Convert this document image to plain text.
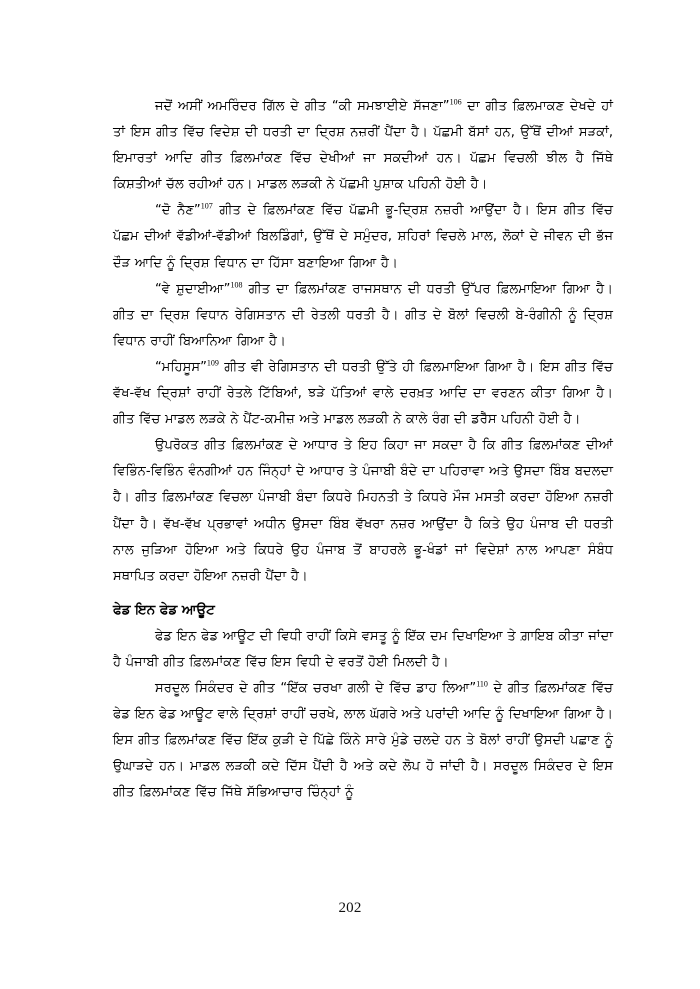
ਜਦੋਂ ਅਸੀਂ ਅਮਰਿੰਦਰ ਗਿੱਲ ਦੇ ਗੀਤ “ਕੀ ਸਮਝਾਈਏ ਸੱਜਣਾ”$^{106}$ ਦਾ ਗੀਤ ਫ਼ਿਲਮਾਕਣ ਦੇਖਦੇ ਹਾਂ ਤਾਂ ਇਸ ਗੀਤ ਵਿੱਚ ਵਿਦੇਸ਼ ਦੀ ਧਰਤੀ ਦਾ ਦ੍ਰਿਸ਼ ਨਜ਼ਰੀਂ ਪੈਂਦਾ ਹੈ। ਪੱਛਮੀ ਬੱਸਾਂ ਹਨ, ਉੱਥੋਂ ਦੀਆਂ ਸੜਕਾਂ, ਇਮਾਰਤਾਂ ਆਦਿ ਗੀਤ ਫ਼ਿਲਮਾਂਕਣ ਵਿੱਚ ਦੇਖੀਆਂ ਜਾ ਸਕਦੀਆਂ ਹਨ। ਪੱਛਮ ਵਿਚਲੀ ਝੀਲ ਹੈ ਜਿੱਥੇ ਕਿਸ਼ਤੀਆਂ ਚੱਲ ਰਹੀਆਂ ਹਨ। ਮਾਡਲ ਲੜਕੀ ਨੇ ਪੱਛਮੀ ਪੁਸ਼ਾਕ ਪਹਿਨੀ ਹੋਈ ਹੈ।

“ਦੋ ਨੈਣ”$^{107}$ ਗੀਤ ਦੇ ਫ਼ਿਲਮਾਂਕਣ ਵਿੱਚ ਪੱਛਮੀ ਭੂ-ਦ੍ਰਿਸ਼ ਨਜ਼ਰੀ ਆਉਂਦਾ ਹੈ। ਇਸ ਗੀਤ ਵਿੱਚ ਪੱਛਮ ਦੀਆਂ ਵੱਡੀਆਂ-ਵੱਡੀਆਂ ਬਿਲਡਿੰਗਾਂ, ਉੱਥੋਂ ਦੇ ਸਮੁੰਦਰ, ਸ਼ਹਿਰਾਂ ਵਿਚਲੇ ਮਾਲ, ਲੋਕਾਂ ਦੇ ਜੀਵਨ ਦੀ ਭੱਜ ਦੌੜ ਆਦਿ ਨੂੰ ਦ੍ਰਿਸ਼ ਵਿਧਾਨ ਦਾ ਹਿੱਸਾ ਬਣਾਇਆ ਗਿਆ ਹੈ।

“ਵੇ ਸ਼ੁਦਾਈਆ”$^{108}$ ਗੀਤ ਦਾ ਫ਼ਿਲਮਾਂਕਣ ਰਾਜਸਥਾਨ ਦੀ ਧਰਤੀ ਉੱਪਰ ਫ਼ਿਲਮਾਇਆ ਗਿਆ ਹੈ। ਗੀਤ ਦਾ ਦ੍ਰਿਸ਼ ਵਿਧਾਨ ਰੇਗਿਸਤਾਨ ਦੀ ਰੇਤਲੀ ਧਰਤੀ ਹੈ। ਗੀਤ ਦੇ ਬੋਲਾਂ ਵਿਚਲੀ ਬੇ-ਰੰਗੀਨੀ ਨੂੰ ਦ੍ਰਿਸ਼ ਵਿਧਾਨ ਰਾਹੀਂ ਬਿਆਨਿਆ ਗਿਆ ਹੈ।

“ਮਹਿਸੂਸ”$^{109}$ ਗੀਤ ਵੀ ਰੇਗਿਸਤਾਨ ਦੀ ਧਰਤੀ ਉੱਤੇ ਹੀ ਫ਼ਿਲਮਾਇਆ ਗਿਆ ਹੈ। ਇਸ ਗੀਤ ਵਿੱਚ ਵੱਖ-ਵੱਖ ਦ੍ਰਿਸ਼ਾਂ ਰਾਹੀਂ ਰੇਤਲੇ ਟਿੱਬਿਆਂ, ਝੜੇ ਪੱਤਿਆਂ ਵਾਲੇ ਦਰਖ਼ਤ ਆਦਿ ਦਾ ਵਰਣਨ ਕੀਤਾ ਗਿਆ ਹੈ। ਗੀਤ ਵਿੱਚ ਮਾਡਲ ਲੜਕੇ ਨੇ ਪੈਂਟ-ਕਮੀਜ਼ ਅਤੇ ਮਾਡਲ ਲੜਕੀ ਨੇ ਕਾਲੇ ਰੰਗ ਦੀ ਡਰੈੱਸ ਪਹਿਨੀ ਹੋਈ ਹੈ।

ਉਪਰੋਕਤ ਗੀਤ ਫ਼ਿਲਮਾਂਕਣ ਦੇ ਆਧਾਰ ਤੇ ਇਹ ਕਿਹਾ ਜਾ ਸਕਦਾ ਹੈ ਕਿ ਗੀਤ ਫ਼ਿਲਮਾਂਕਣ ਦੀਆਂ ਵਿਭਿੰਨ-ਵਿਭਿੰਨ ਵੰਨਗੀਆਂ ਹਨ ਜਿੰਨ੍ਹਾਂ ਦੇ ਆਧਾਰ ਤੇ ਪੰਜਾਬੀ ਬੰਦੇ ਦਾ ਪਹਿਰਾਵਾ ਅਤੇ ਉਸਦਾ ਬਿੰਬ ਬਦਲਦਾ ਹੈ। ਗੀਤ ਫ਼ਿਲਮਾਂਕਣ ਵਿਚਲਾ ਪੰਜਾਬੀ ਬੰਦਾ ਕਿਧਰੇ ਮਿਹਨਤੀ ਤੇ ਕਿਧਰੇ ਮੌਜ ਮਸਤੀ ਕਰਦਾ ਹੋਇਆ ਨਜ਼ਰੀ ਪੈਂਦਾ ਹੈ। ਵੱਖ-ਵੱਖ ਪ੍ਰਭਾਵਾਂ ਅਧੀਨ ਉਸਦਾ ਬਿੰਬ ਵੱਖਰਾ ਨਜ਼ਰ ਆਉਂਦਾ ਹੈ ਕਿਤੇ ਉਹ ਪੰਜਾਬ ਦੀ ਧਰਤੀ ਨਾਲ ਜੁੜਿਆ ਹੋਇਆ ਅਤੇ ਕਿਧਰੇ ਉਹ ਪੰਜਾਬ ਤੋਂ ਬਾਹਰਲੇ ਭੂ-ਖੰਡਾਂ ਜਾਂ ਵਿਦੇਸ਼ਾਂ ਨਾਲ ਆਪਣਾ ਸੰਬੰਧ ਸਥਾਪਿਤ ਕਰਦਾ ਹੋਇਆ ਨਜ਼ਰੀ ਪੈਂਦਾ ਹੈ।

ਫੇਡ ਇਨ ਫੇਡ ਆਊਟ

ਫੇਡ ਇਨ ਫੇਡ ਆਊਟ ਦੀ ਵਿਧੀ ਰਾਹੀਂ ਕਿਸੇ ਵਸਤੂ ਨੂੰ ਇੱਕ ਦਮ ਦਿਖਾਇਆ ਤੇ ਗ਼ਾਇਬ ਕੀਤਾ ਜਾਂਦਾ ਹੈ ਪੰਜਾਬੀ ਗੀਤ ਫ਼ਿਲਮਾਂਕਣ ਵਿੱਚ ਇਸ ਵਿਧੀ ਦੇ ਵਰਤੋਂ ਹੋਈ ਮਿਲਦੀ ਹੈ।

ਸਰਦੂਲ ਸਿਕੰਦਰ ਦੇ ਗੀਤ “ਇੱਕ ਚਰਖਾ ਗਲੀ ਦੇ ਵਿੱਚ ਡਾਹ ਲਿਆ”$^{110}$ ਦੇ ਗੀਤ ਫ਼ਿਲਮਾਂਕਣ ਵਿੱਚ ਫੇਡ ਇਨ ਫੇਡ ਆਊਟ ਵਾਲੇ ਦ੍ਰਿਸ਼ਾਂ ਰਾਹੀਂ ਚਰਖੇ, ਲਾਲ ਘੱਗਰੇ ਅਤੇ ਪਰਾਂਦੀ ਆਦਿ ਨੂੰ ਦਿਖਾਇਆ ਗਿਆ ਹੈ। ਇਸ ਗੀਤ ਫ਼ਿਲਮਾਂਕਣ ਵਿੱਚ ਇੱਕ ਕੁੜੀ ਦੇ ਪਿੱਛੇ ਕਿੰਨੇ ਸਾਰੇ ਮੁੰਡੇ ਚਲਦੇ ਹਨ ਤੇ ਬੋਲਾਂ ਰਾਹੀਂ ਉਸਦੀ ਪਛਾਣ ਨੂੰ ਉਘਾੜਦੇ ਹਨ। ਮਾਡਲ ਲੜਕੀ ਕਦੇ ਦਿੱਸ ਪੈਂਦੀ ਹੈ ਅਤੇ ਕਦੇ ਲੋਪ ਹੋ ਜਾਂਦੀ ਹੈ। ਸਰਦੂਲ ਸਿਕੰਦਰ ਦੇ ਇਸ ਗੀਤ ਫ਼ਿਲਮਾਂਕਣ ਵਿੱਚ ਜਿੱਥੇ ਸੱਭਿਆਚਾਰ ਚਿੰਨ੍ਹਾਂ ਨੂੰ

202
